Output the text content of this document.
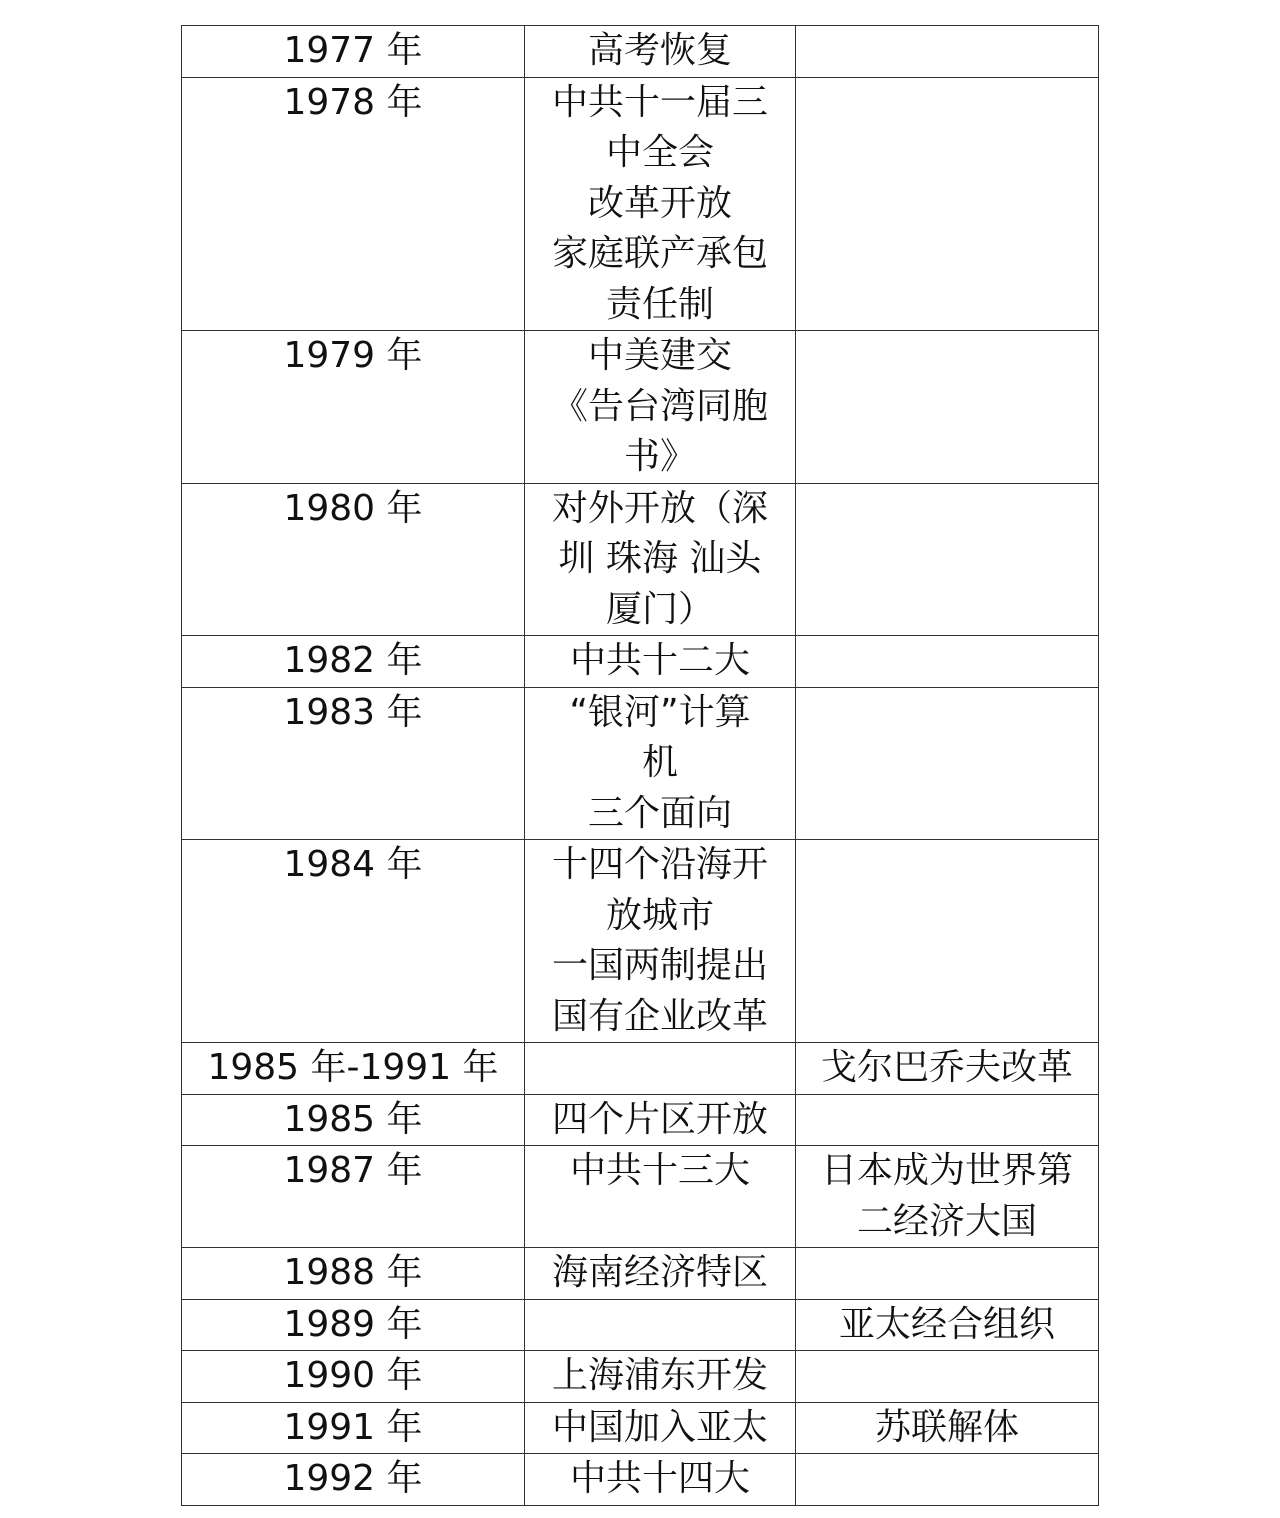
1977 年	高考恢复	
1978 年	中共十一届三
中全会
改革开放
家庭联产承包
责任制	
1979 年	中美建交
《告台湾同胞
书》	
1980 年	对外开放（深
圳 珠海 汕头
厦门）	
1982 年	中共十二大	
1983 年	“银河”计算
机
三个面向	
1984 年	十四个沿海开
放城市
一国两制提出
国有企业改革	
1985 年-1991 年		戈尔巴乔夫改革
1985 年	四个片区开放	
1987 年	中共十三大	日本成为世界第
二经济大国
1988 年	海南经济特区	
1989 年		亚太经合组织
1990 年	上海浦东开发	
1991 年	中国加入亚太	苏联解体
1992 年	中共十四大	
